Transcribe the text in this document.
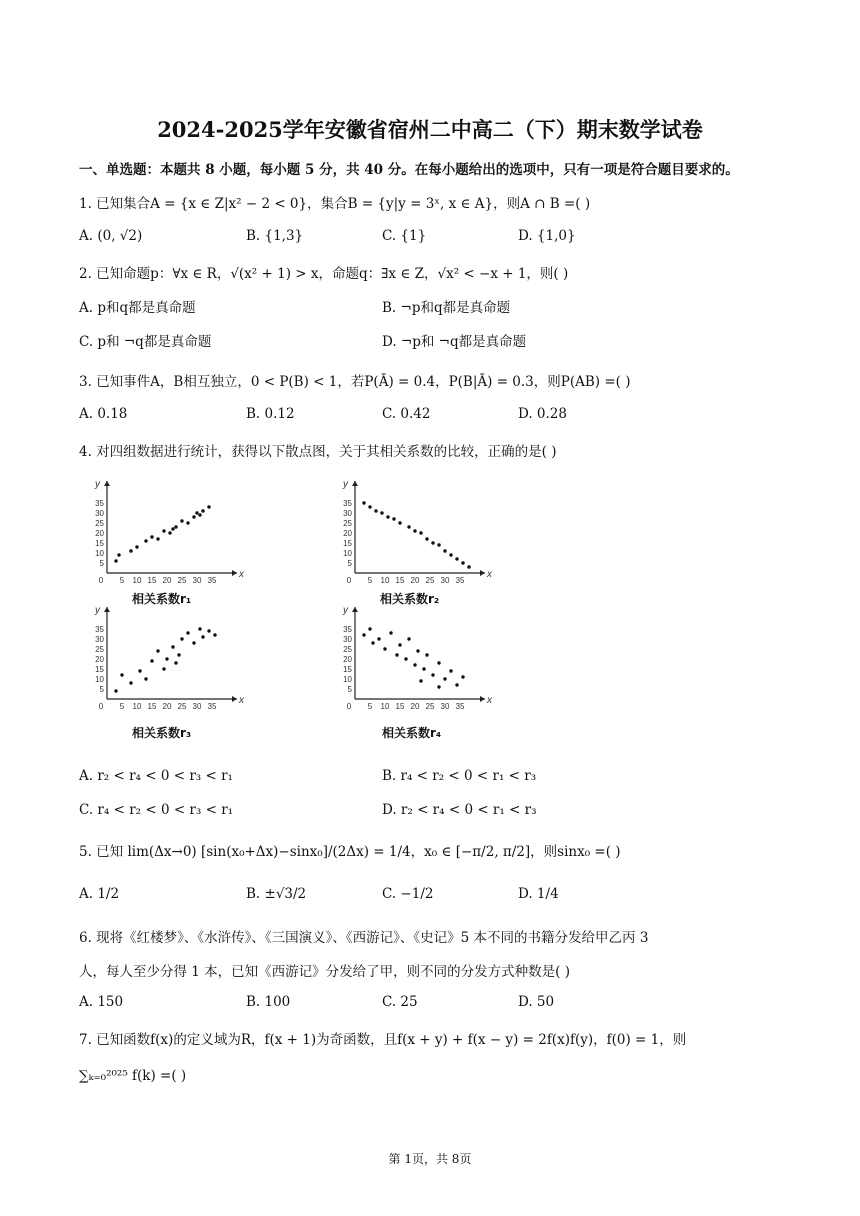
2024-2025学年安徽省宿州二中高二（下）期末数学试卷
一、单选题：本题共 8 小题，每小题 5 分，共 40 分。在每小题给出的选项中，只有一项是符合题目要求的。
1. 已知集合A = {x ∈ Z|x² − 2 < 0}，集合B = {y|y = 3ˣ, x ∈ A}，则A ∩ B =( )
A. (0, √2)	B. {1,3}	C. {1}	D. {1,0}
2. 已知命题p：∀x ∈ R，√(x² + 1) > x，命题q：∃x ∈ Z，√x² < −x + 1，则( )
A. p和q都是真命题	B. ¬p和q都是真命题
C. p和 ¬q都是真命题	D. ¬p和 ¬q都是真命题
3. 已知事件A，B相互独立，0 < P(B) < 1，若P(Ā) = 0.4，P(B|Ā) = 0.3，则P(AB) =( )
A. 0.18	B. 0.12	C. 0.42	D. 0.28
4. 对四组数据进行统计，获得以下散点图，关于其相关系数的比较，正确的是( )
y
x
35
30
25
20
15
10
5
0 5 10 15 20 25 30 35
相关系数r₁
y
x
35
30
25
20
15
10
5
0 5 10 15 20 25 30 35
相关系数r₂
y
x
35
30
25
20
15
10
5
0 5 10 15 20 25 30 35
相关系数r₃
y
x
35
30
25
20
15
10
5
0 5 10 15 20 25 30 35
相关系数r₄
A. r₂ < r₄ < 0 < r₃ < r₁	B. r₄ < r₂ < 0 < r₁ < r₃
C. r₄ < r₂ < 0 < r₃ < r₁	D. r₂ < r₄ < 0 < r₁ < r₃
5. 已知 lim(Δx→0) [sin(x₀+Δx)−sinx₀]/(2Δx) = 1/4，x₀ ∈ [−π/2, π/2]，则sinx₀ =( )
A. 1/2	B. ±√3/2	C. −1/2	D. 1/4
6. 现将《红楼梦》、《水浒传》、《三国演义》、《西游记》、《史记》5 本不同的书籍分发给甲乙丙 3
人，每人至少分得 1 本，已知《西游记》分发给了甲，则不同的分发方式种数是( )
A. 150	B. 100	C. 25	D. 50
7. 已知函数f(x)的定义域为R，f(x + 1)为奇函数，且f(x + y) + f(x − y) = 2f(x)f(y)，f(0) = 1，则
∑ₖ₌₀²⁰²⁵ f(k) =( )
第 1页，共 8页
